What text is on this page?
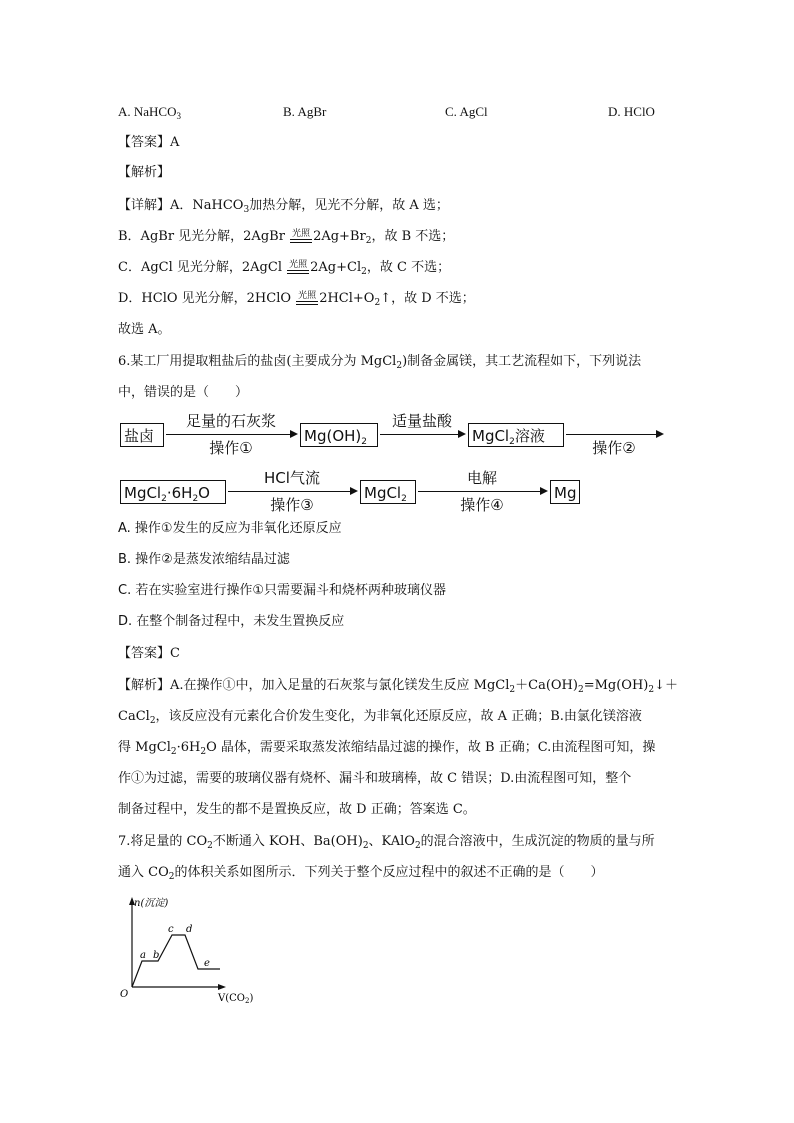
A. NaHCO$_3$	B. AgBr	C. AgCl	D. HClO
【答案】A
【解析】
【详解】A．NaHCO$_3$加热分解，见光不分解，故 A 选；
B．AgBr 见光分解，2AgBr 光照 $2Ag+Br_2$，故 B 不选；
C．AgCl 见光分解，2AgCl 光照 $2Ag+Cl_2$，故 C 不选；
D．HClO 见光分解，2HClO 光照 $2HCl+O_2↑$，故 D 不选；
故选 A。
6.某工厂用提取粗盐后的盐卤(主要成分为 MgCl$_2$)制备金属镁，其工艺流程如下，下列说法
中，错误的是（　　）
盐卤
足量的石灰浆
操作①
$Mg(OH)_2$
适量盐酸
MgCl$_2$溶液
操作②
$MgCl_2\cdot 6H_2O$
HCl气流
操作③
MgCl$_2$
电解
操作④
Mg
A. 操作①发生的反应为非氧化还原反应
B. 操作②是蒸发浓缩结晶过滤
C. 若在实验室进行操作①只需要漏斗和烧杯两种玻璃仪器
D. 在整个制备过程中，未发生置换反应
【答案】C
【解析】A.在操作①中，加入足量的石灰浆与氯化镁发生反应 $MgCl_2+Ca(OH)_2=Mg(OH)_2↓+$
CaCl$_2$，该反应没有元素化合价发生变化，为非氧化还原反应，故 A 正确；B.由氯化镁溶液
得 $MgCl_2\cdot 6H_2O$ 晶体，需要采取蒸发浓缩结晶过滤的操作，故 B 正确；C.由流程图可知，操
作①为过滤，需要的玻璃仪器有烧杯、漏斗和玻璃棒，故 C 错误；D.由流程图可知，整个
制备过程中，发生的都不是置换反应，故 D 正确；答案选 C。
7.将足量的 $CO_2$不断通入 KOH、$Ba(OH)_2$、KAlO$_2$的混合溶液中，生成沉淀的物质的量与所
通入 $CO_2$的体积关系如图所示．下列关于整个反应过程中的叙述不正确的是（　　）
n(沉淀)
O	$V(CO_2)$
a b
c d
e
